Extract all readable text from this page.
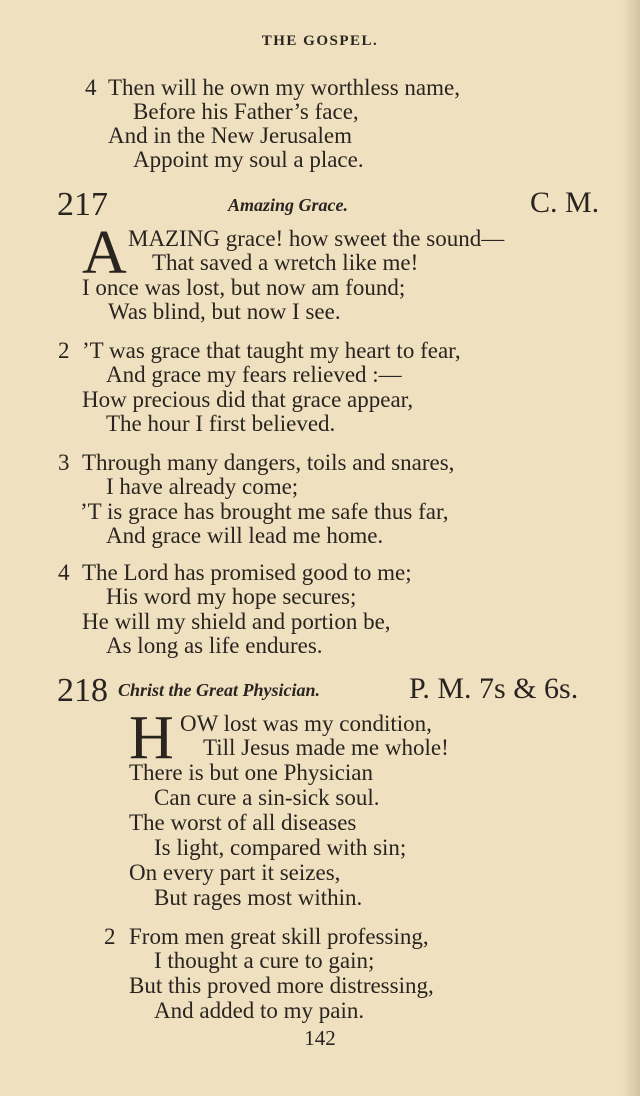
THE GOSPEL.
4 Then will he own my worthless name,
Before his Father’s face,
And in the New Jerusalem
Appoint my soul a place.
217	Amazing Grace.	C. M.
A MAZING grace! how sweet the sound—
That saved a wretch like me!
I once was lost, but now am found;
Was blind, but now I see.
2 ’T was grace that taught my heart to fear,
And grace my fears relieved :—
How precious did that grace appear,
The hour I first believed.
3 Through many dangers, toils and snares,
I have already come;
’T is grace has brought me safe thus far,
And grace will lead me home.
4 The Lord has promised good to me;
His word my hope secures;
He will my shield and portion be,
As long as life endures.
218 Christ the Great Physician.	P. M. 7s & 6s.
H OW lost was my condition,
Till Jesus made me whole!
There is but one Physician
Can cure a sin-sick soul.
The worst of all diseases
Is light, compared with sin;
On every part it seizes,
But rages most within.
2 From men great skill professing,
I thought a cure to gain;
But this proved more distressing,
And added to my pain.
142
